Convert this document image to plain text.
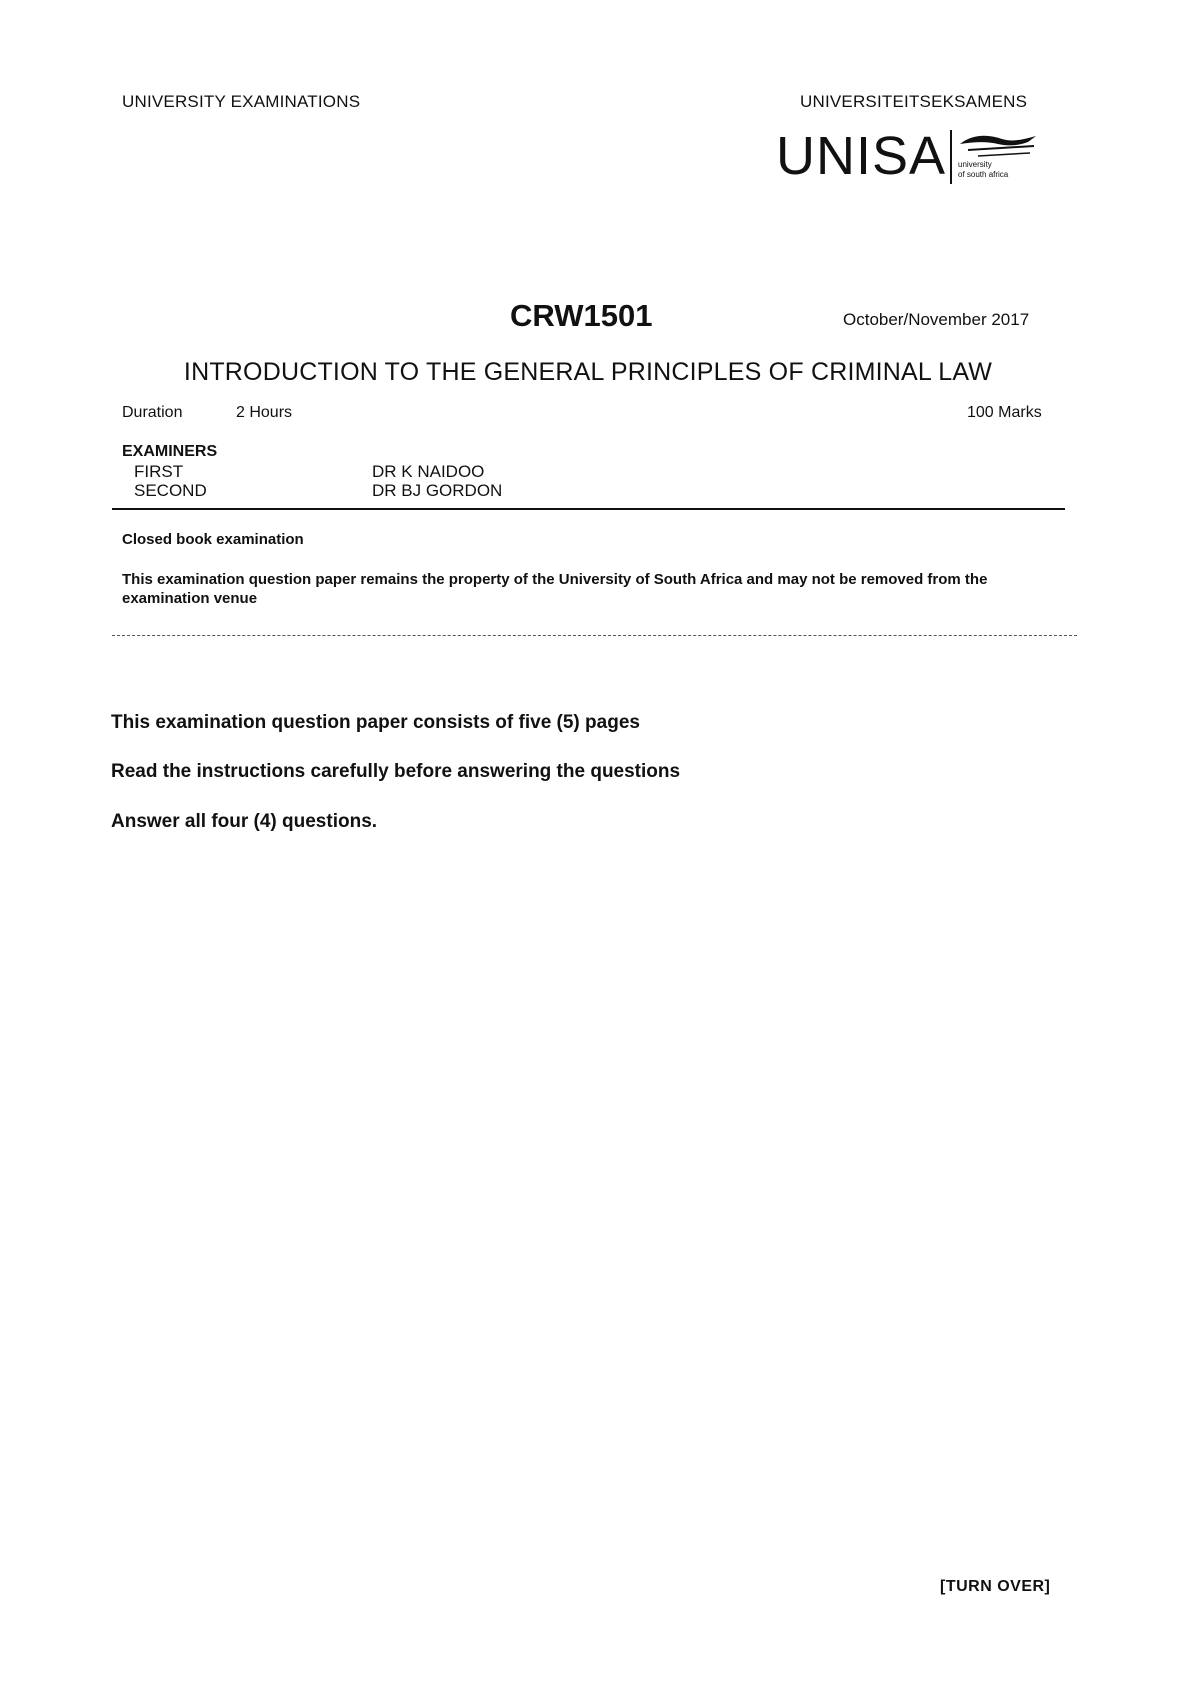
UNIVERSITY EXAMINATIONS	UNIVERSITEITSEKSAMENS
UNISA university
of south africa
CRW1501	October/November 2017
INTRODUCTION TO THE GENERAL PRINCIPLES OF CRIMINAL LAW
Duration	2 Hours	100 Marks
EXAMINERS
FIRST	DR K NAIDOO
SECOND	DR BJ GORDON
Closed book examination
This examination question paper remains the property of the University of South Africa and may not be removed from the examination venue
This examination question paper consists of five (5) pages
Read the instructions carefully before answering the questions
Answer all four (4) questions.
[TURN OVER]
